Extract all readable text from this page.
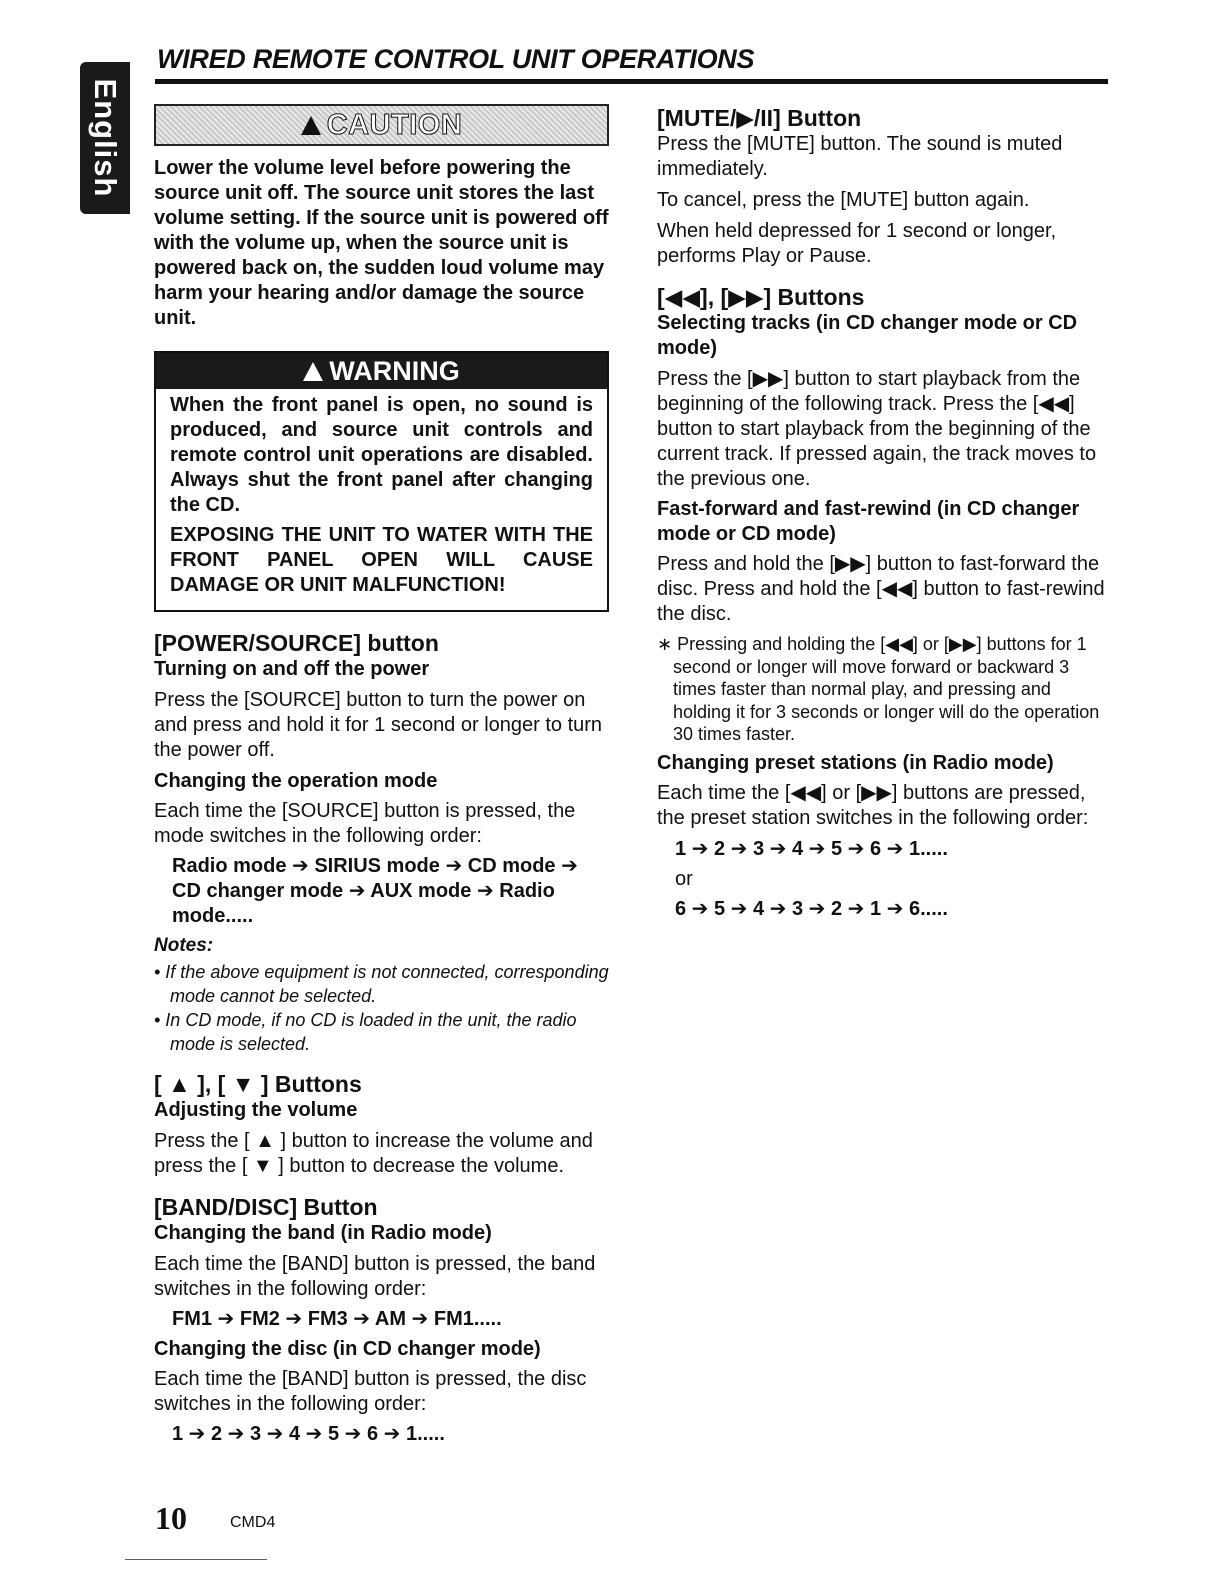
English
WIRED REMOTE CONTROL UNIT OPERATIONS
CAUTION

Lower the volume level before powering the source unit off. The source unit stores the last volume setting. If the source unit is powered off with the volume up, when the source unit is powered back on, the sudden loud volume may harm your hearing and/or damage the source unit.

WARNING

When the front panel is open, no sound is produced, and source unit controls and remote control unit operations are disabled. Always shut the front panel after changing the CD.

EXPOSING THE UNIT TO WATER WITH THE FRONT PANEL OPEN WILL CAUSE DAMAGE OR UNIT MALFUNCTION!

[POWER/SOURCE] button
Turning on and off the power

Press the [SOURCE] button to turn the power on and press and hold it for 1 second or longer to turn the power off.

Changing the operation mode

Each time the [SOURCE] button is pressed, the mode switches in the following order:

Radio mode ➔ SIRIUS mode ➔ CD mode ➔ CD changer mode ➔ AUX mode ➔ Radio mode.....

Notes:

• If the above equipment is not connected, corresponding mode cannot be selected.

• In CD mode, if no CD is loaded in the unit, the radio mode is selected.

[ ▲ ], [ ▼ ] Buttons
Adjusting the volume

Press the [ ▲ ] button to increase the volume and press the [ ▼ ] button to decrease the volume.

[BAND/DISC] Button
Changing the band (in Radio mode)

Each time the [BAND] button is pressed, the band switches in the following order:

FM1 ➔ FM2 ➔ FM3 ➔ AM ➔ FM1.....

Changing the disc (in CD changer mode)

Each time the [BAND] button is pressed, the disc switches in the following order:

1 ➔ 2 ➔ 3 ➔ 4 ➔ 5 ➔ 6 ➔ 1.....

[MUTE/▶/II] Button

Press the [MUTE] button. The sound is muted immediately.

To cancel, press the [MUTE] button again.

When held depressed for 1 second or longer, performs Play or Pause.

[◀◀], [▶▶] Buttons
Selecting tracks (in CD changer mode or CD mode)

Press the [▶▶] button to start playback from the beginning of the following track. Press the [◀◀] button to start playback from the beginning of the current track. If pressed again, the track moves to the previous one.

Fast-forward and fast-rewind (in CD changer mode or CD mode)

Press and hold the [▶▶] button to fast-forward the disc. Press and hold the [◀◀] button to fast-rewind the disc.

∗ Pressing and holding the [◀◀] or [▶▶] buttons for 1 second or longer will move forward or backward 3 times faster than normal play, and pressing and holding it for 3 seconds or longer will do the operation 30 times faster.

Changing preset stations (in Radio mode)

Each time the [◀◀] or [▶▶] buttons are pressed, the preset station switches in the following order:

1 ➔ 2 ➔ 3 ➔ 4 ➔ 5 ➔ 6 ➔ 1.....

or

6 ➔ 5 ➔ 4 ➔ 3 ➔ 2 ➔ 1 ➔ 6.....

10	CMD4
